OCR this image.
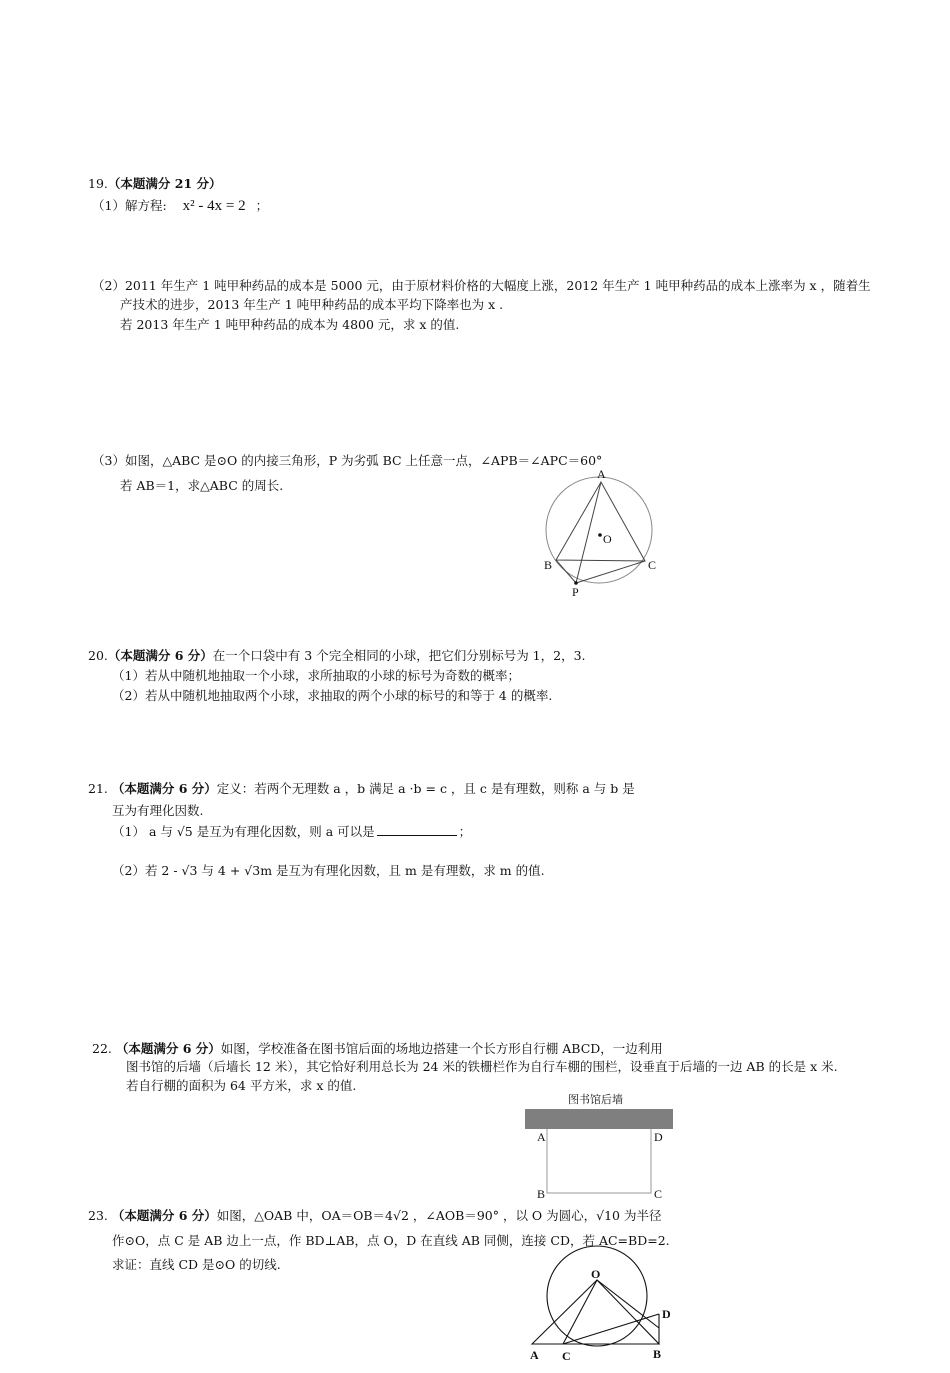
19.（本题满分 21 分）
（1）解方程: x² - 4x = 2 ；
（2）2011 年生产 1 吨甲种药品的成本是 5000 元，由于原材料价格的大幅度上涨，2012 年生产 1 吨甲种药品的成本上涨率为 x ，随着生
产技术的进步，2013 年生产 1 吨甲种药品的成本平均下降率也为 x .
若 2013 年生产 1 吨甲种药品的成本为 4800 元，求 x 的值.
（3）如图，△ABC 是⊙O 的内接三角形，P 为劣弧 BC 上任意一点，∠APB＝∠APC＝60°
若 AB＝1，求△ABC 的周长.
A
O
B	C
P
20.（本题满分 6 分）在一个口袋中有 3 个完全相同的小球，把它们分别标号为 1，2，3.
（1）若从中随机地抽取一个小球，求所抽取的小球的标号为奇数的概率；
（2）若从中随机地抽取两个小球，求抽取的两个小球的标号的和等于 4 的概率.
21. （本题满分 6 分）定义：若两个无理数 a ，b 满足 a ·b = c ，且 c 是有理数，则称 a 与 b 是
互为有理化因数.
（1） a 与 √5 是互为有理化因数，则 a 可以是	；
（2）若 2 - √3 与 4 + √3m 是互为有理化因数，且 m 是有理数，求 m 的值.
22. （本题满分 6 分）如图，学校准备在图书馆后面的场地边搭建一个长方形自行棚 ABCD，一边利用
图书馆的后墙（后墙长 12 米），其它恰好利用总长为 24 米的铁栅栏作为自行车棚的围栏，设垂直于后墙的一边 AB 的长是 x 米.
若自行棚的面积为 64 平方米，求 x 的值.
图书馆后墙
A	D
B	C
23. （本题满分 6 分）如图，△OAB 中，OA＝OB＝4√2 ，∠AOB＝90° ，以 O 为圆心，√10 为半径
作⊙O，点 C 是 AB 边上一点，作 BD⊥AB，点 O，D 在直线 AB 同侧，连接 CD，若 AC=BD=2.
求证：直线 CD 是⊙O 的切线.
O
D
A C	B
